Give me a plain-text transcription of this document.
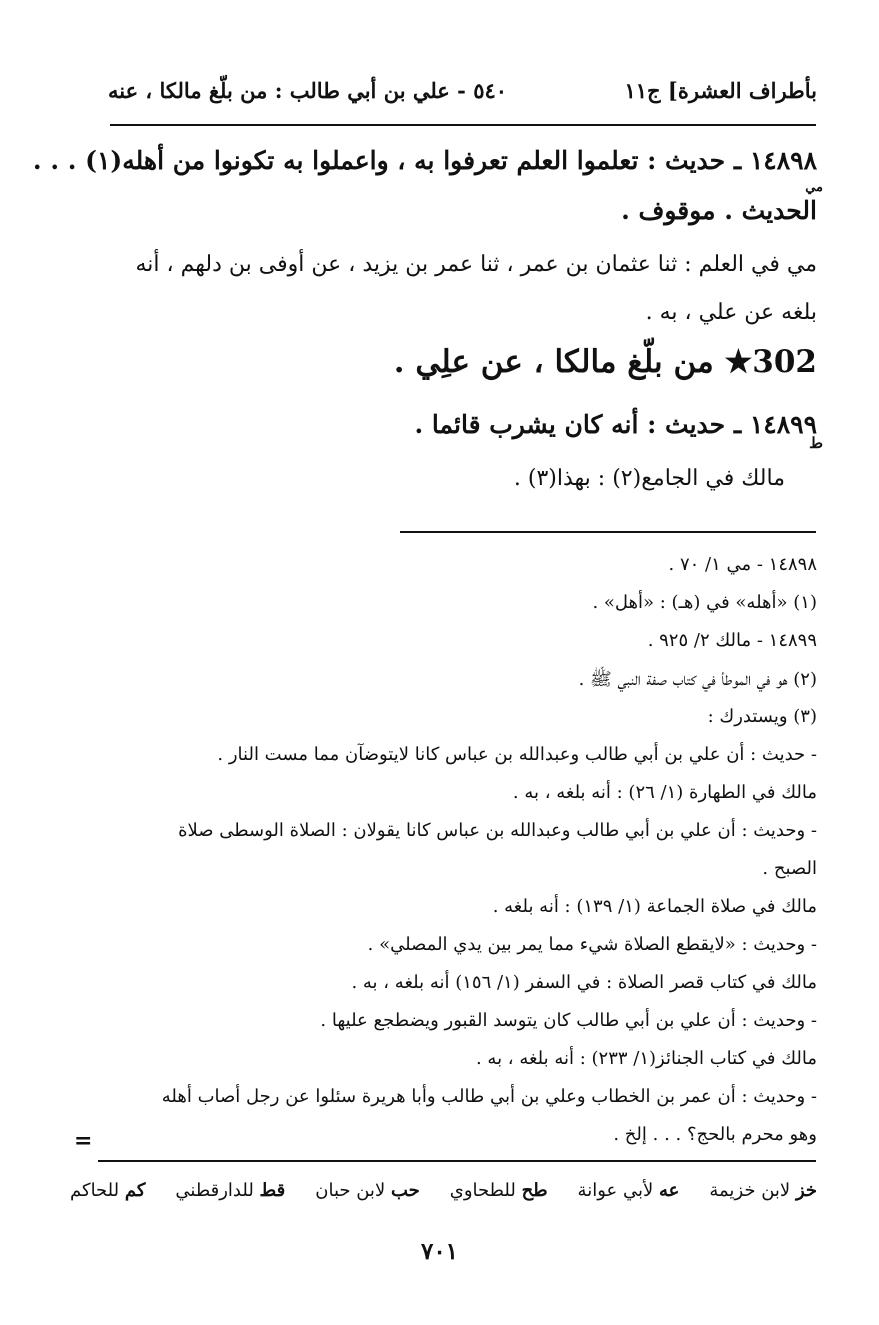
بأطراف العشرة] ج١١
٥٤٠ - علي بن أبي طالب : من بلّغ مالكا ، عنه
١٤٨٩٨ ـ حديث : تعلموا العلم تعرفوا به ، واعملوا به تكونوا من أهله(١) . . .
مي
الحديث . موقوف .
مي في العلم : ثنا عثمان بن عمر ، ثنا عمر بن يزيد ، عن أوفى بن دلهم ، أنه
بلغه عن علي ، به .
302★ من بلّغ مالكا ، عن علِي .
١٤٨٩٩ ـ حديث : أنه كان يشرب قائما .
ط
مالك في الجامع(٢) : بهذا(٣) .
١٤٨٩٨ - مي ١/ ٧٠ .
(١) «أهله» في (هـ) : «أهل» .
١٤٨٩٩ - مالك ٢/ ٩٢٥ .
(٢) هو في الموطأ في كتاب صفة النبي ﷺ .
(٣) ويستدرك :
- حديث : أن علي بن أبي طالب وعبدالله بن عباس كانا لايتوضآن مما مست النار .
مالك في الطهارة (١/ ٢٦) : أنه بلغه ، به .
- وحديث : أن علي بن أبي طالب وعبدالله بن عباس كانا يقولان : الصلاة الوسطى صلاة
الصبح .
مالك في صلاة الجماعة (١/ ١٣٩) : أنه بلغه .
- وحديث : «لايقطع الصلاة شيء مما يمر بين يدي المصلي» .
مالك في كتاب قصر الصلاة : في السفر (١/ ١٥٦) أنه بلغه ، به .
- وحديث : أن علي بن أبي طالب كان يتوسد القبور ويضطجع عليها .
مالك في كتاب الجنائز(١/ ٢٣٣) : أنه بلغه ، به .
- وحديث : أن عمر بن الخطاب وعلي بن أبي طالب وأبا هريرة سئلوا عن رجل أصاب أهله
وهو محرم بالحج؟ . . . إلخ .
=
خز لابن خزيمة
عه لأبي عوانة
طح للطحاوي
حب لابن حبان
قط للدارقطني
كم للحاكم
٧٠١
